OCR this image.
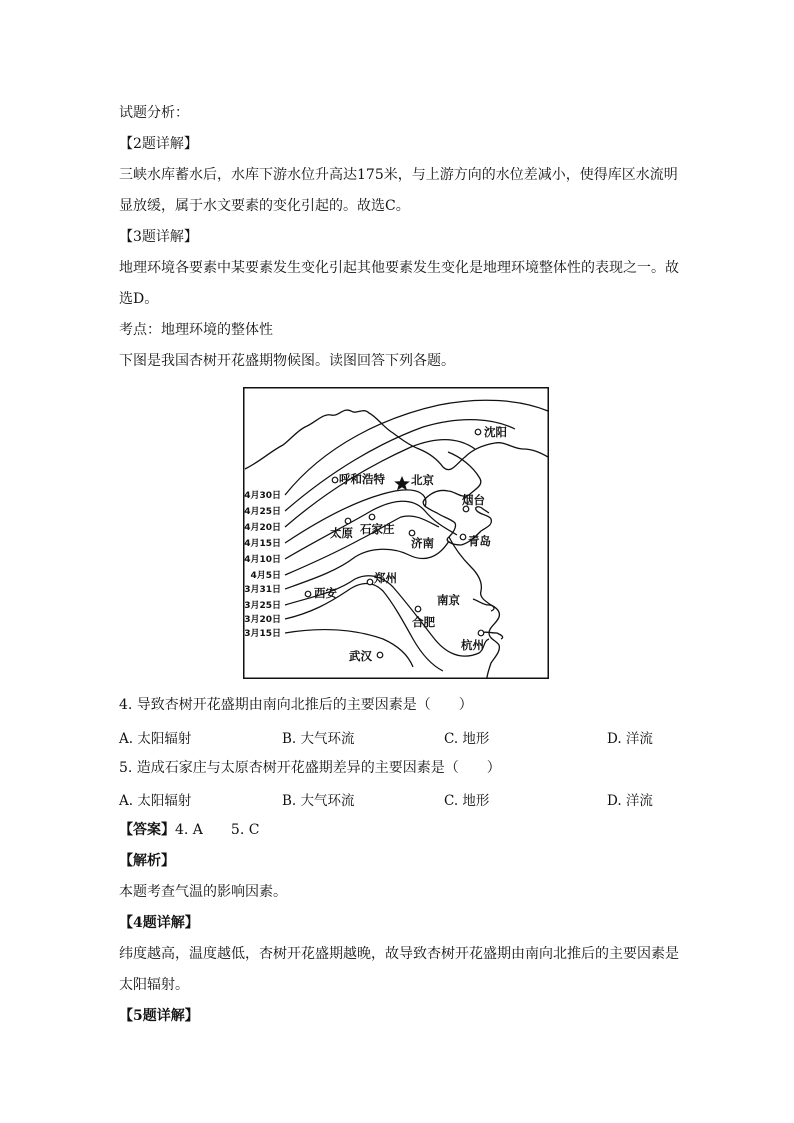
试题分析：
【2题详解】
三峡水库蓄水后，水库下游水位升高达175米，与上游方向的水位差减小，使得库区水流明
显放缓，属于水文要素的变化引起的。故选C。
【3题详解】
地理环境各要素中某要素发生变化引起其他要素发生变化是地理环境整体性的表现之一。故
选D。
考点：地理环境的整体性
下图是我国杏树开花盛期物候图。读图回答下列各题。
4月30日
4月25日
4月20日
4月15日
4月10日
4月5日
3月31日
3月25日
3月20日
3月15日
沈阳
呼和浩特 北京
烟台
太原 石家庄
济南	青岛
郑州
西安	南京
合肥
杭州
武汉
4. 导致杏树开花盛期由南向北推后的主要因素是（　　）
A. 太阳辐射	B. 大气环流	C. 地形	D. 洋流
5. 造成石家庄与太原杏树开花盛期差异的主要因素是（　　）
A. 太阳辐射	B. 大气环流	C. 地形	D. 洋流
【答案】4. A　　5. C
【解析】
本题考查气温的影响因素。
【4题详解】
纬度越高，温度越低，杏树开花盛期越晚，故导致杏树开花盛期由南向北推后的主要因素是
太阳辐射。
【5题详解】
